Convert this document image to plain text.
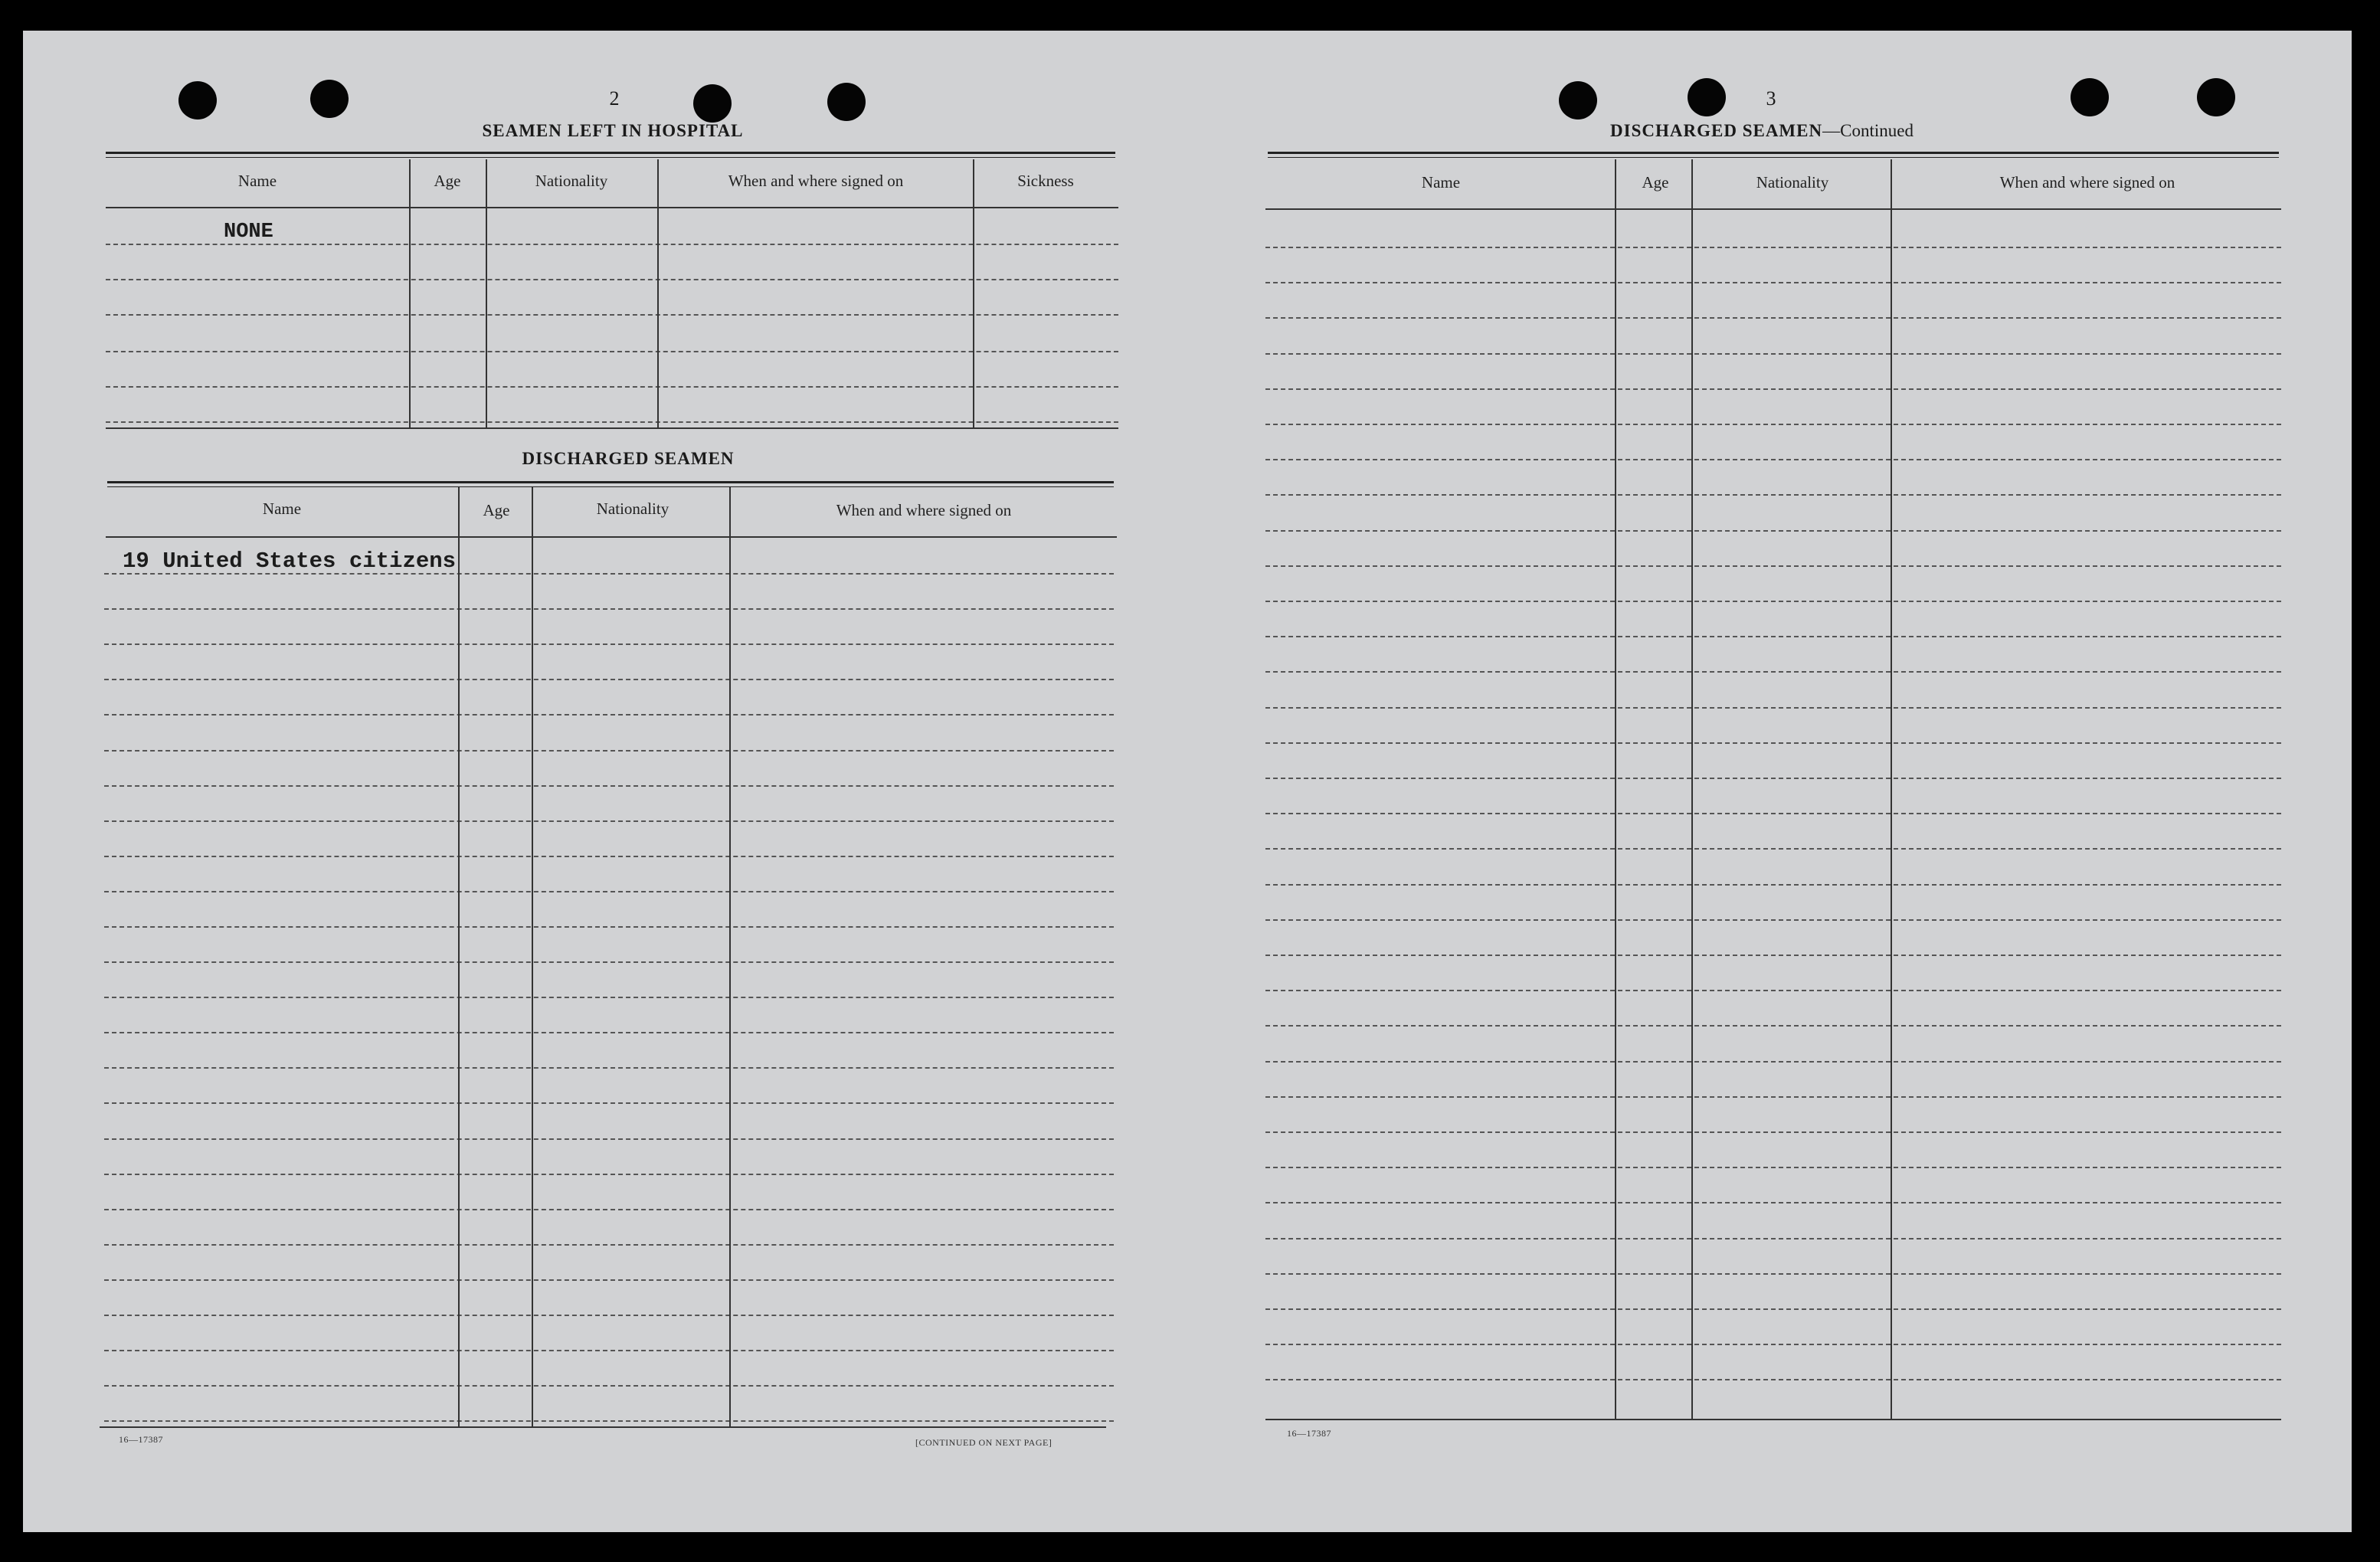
2
SEAMEN LEFT IN HOSPITAL
Name	Age	Nationality	When and where signed on	Sickness
NONE
DISCHARGED SEAMEN
Name	Age	Nationality	When and where signed on
19 United States citizens
16—17387	[CONTINUED ON NEXT PAGE]
3
DISCHARGED SEAMEN—Continued
Name	Age	Nationality	When and where signed on
16—17387
